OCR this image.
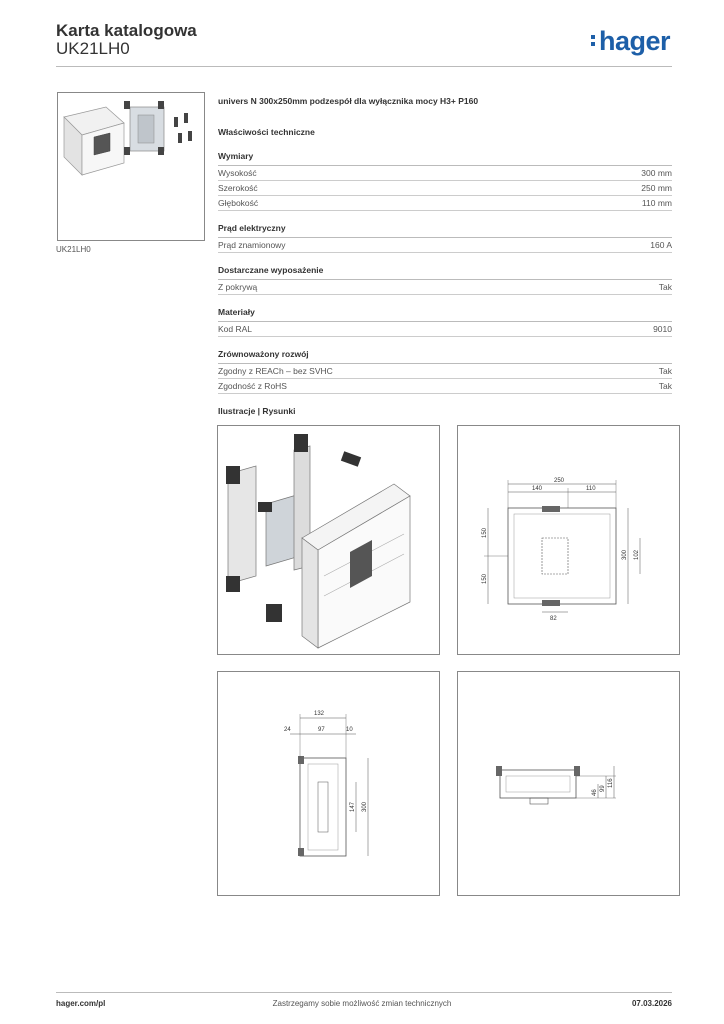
Karta katalogowa
UK21LH0	hager
UK21LH0
univers N 300x250mm podzespół dla wyłącznika mocy H3+ P160
Właściwości techniczne
Wymiary
Wysokość	300 mm
Szerokość	250 mm
Głębokość	110 mm
Prąd elektryczny
Prąd znamionowy	160 A
Dostarczane wyposażenie
Z pokrywą	Tak
Materiały
Kod RAL	9010
Zrównoważony rozwój
Zgodny z REACh – bez SVHC	Tak
Zgodność z RoHS	Tak
Ilustracje | Rysunki
250
140	110
150
150
300 102
82
132
24	97	10
147 300
46
99
116
hager.com/pl	Zastrzegamy sobie możliwość zmian technicznych	07.03.2026
